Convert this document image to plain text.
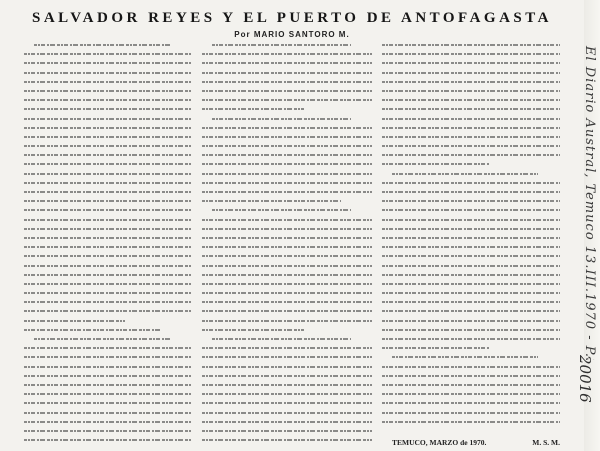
SALVADOR REYES Y EL PUERTO DE ANTOFAGASTA
Por MARIO SANTORO M.
TEMUCO, MARZO de 1970.	M. S. M.
El Diario Austral, Temuco 13.III.1970 - P.3
20016
